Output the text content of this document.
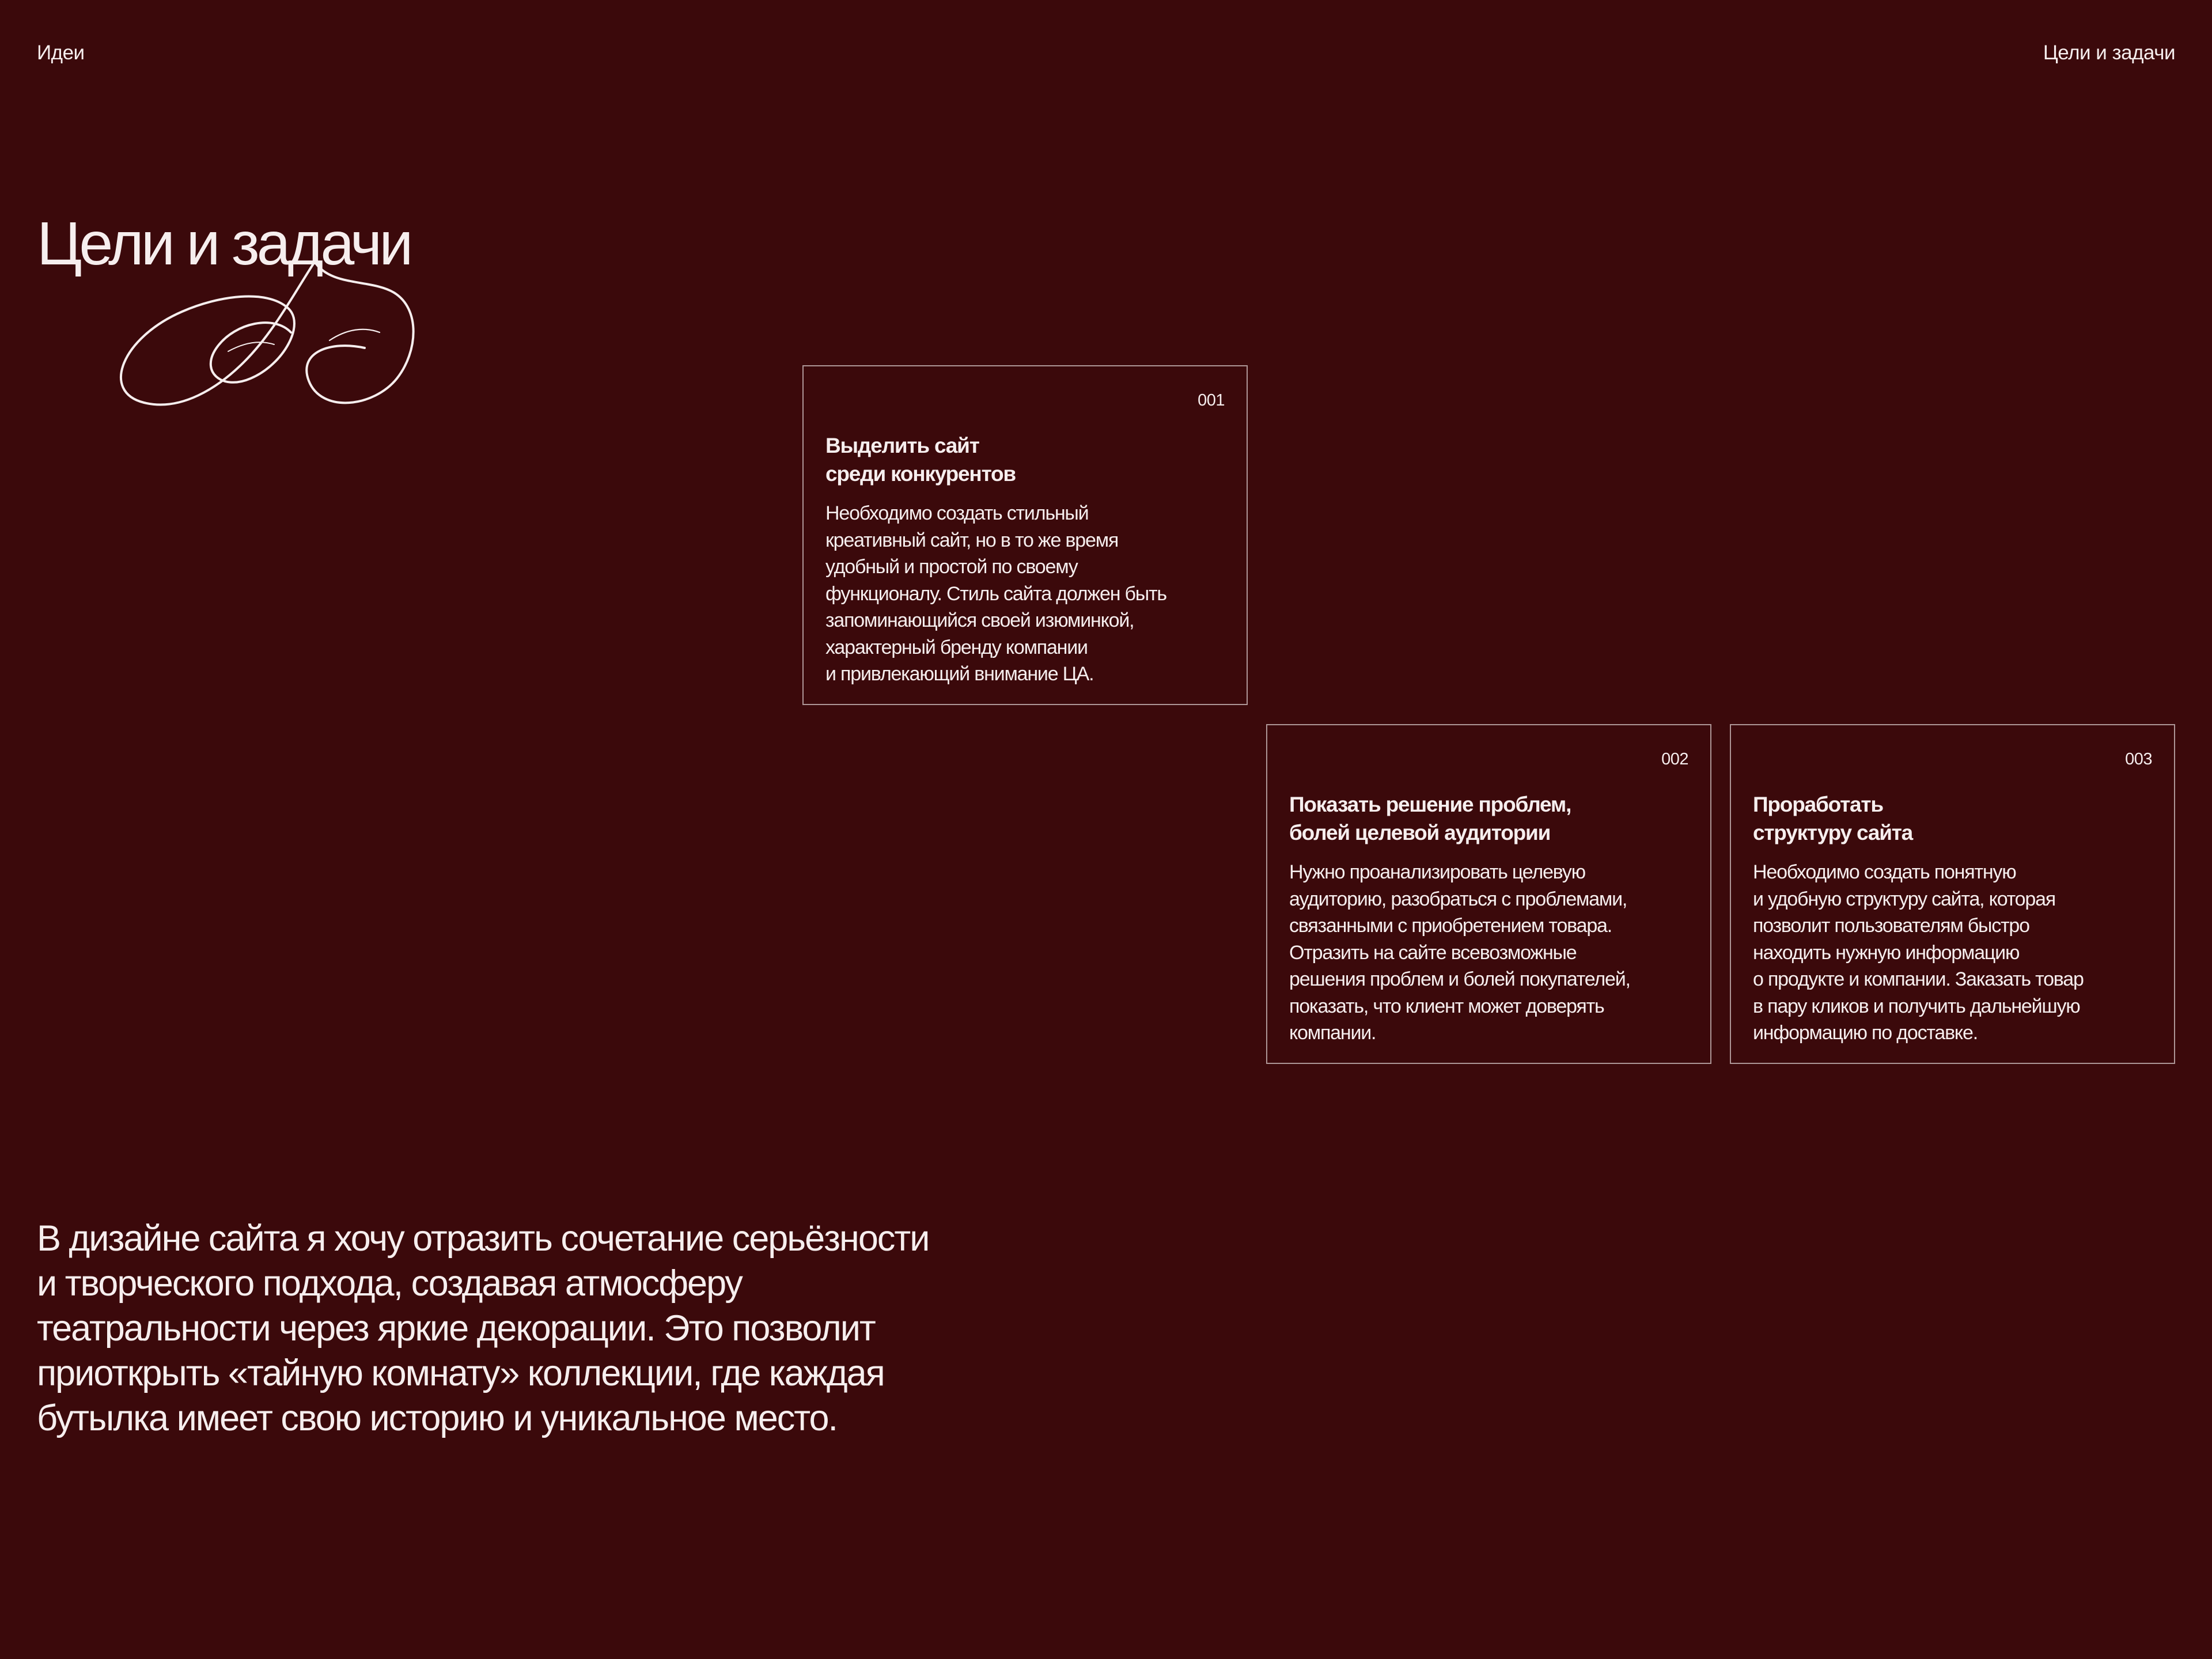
Идеи	Цели и задачи
Цели и задачи
001
Выделить сайт
среди конкурентов

Необходимо создать стильный
креативный сайт, но в то же время
удобный и простой по своему
функционалу. Стиль сайта должен быть
запоминающийся своей изюминкой,
характерный бренду компании
и привлекающий внимание ЦА.

002
Показать решение проблем,
болей целевой аудитории

Нужно проанализировать целевую
аудиторию, разобраться с проблемами,
связанными с приобретением товара.
Отразить на сайте всевозможные
решения проблем и болей покупателей,
показать, что клиент может доверять
компании.

003
Проработать
структуру сайта

Необходимо создать понятную
и удобную структуру сайта, которая
позволит пользователям быстро
находить нужную информацию
о продукте и компании. Заказать товар
в пару кликов и получить дальнейшую
информацию по доставке.

В дизайне сайта я хочу отразить сочетание серьёзности
и творческого подхода, создавая атмосферу
театральности через яркие декорации. Это позволит
приоткрыть «тайную комнату» коллекции, где каждая
бутылка имеет свою историю и уникальное место.
